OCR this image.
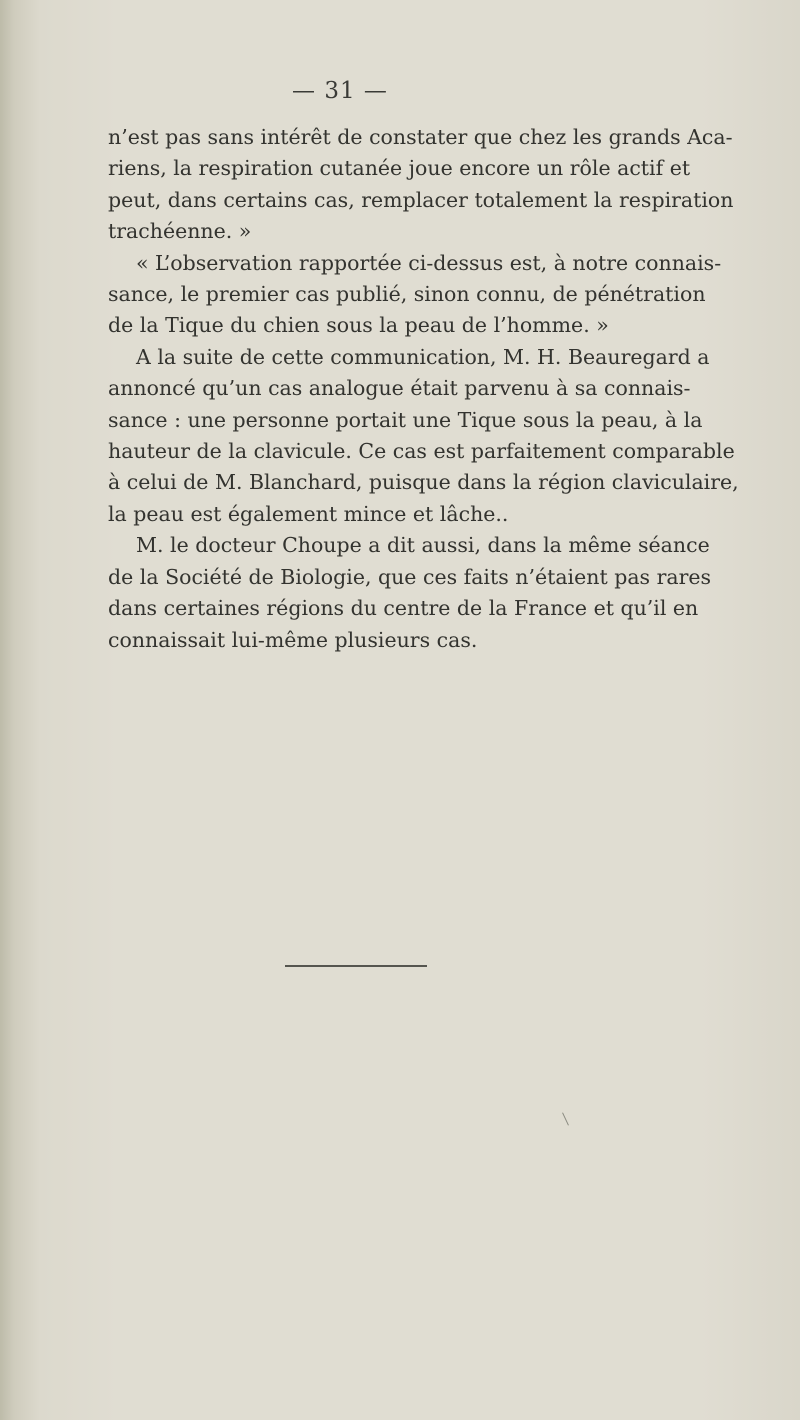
— 31 —
n’est pas sans intérêt de constater que chez les grands Aca-
riens, la respiration cutanée joue encore un rôle actif et
peut, dans certains cas, remplacer totalement la respiration
trachéenne. »
« L’observation rapportée ci-dessus est, à notre connais-
sance, le premier cas publié, sinon connu, de pénétration
de la Tique du chien sous la peau de l’homme. »
A la suite de cette communication, M. H. Beauregard a
annoncé qu’un cas analogue était parvenu à sa connais-
sance : une personne portait une Tique sous la peau, à la
hauteur de la clavicule. Ce cas est parfaitement comparable
à celui de M. Blanchard, puisque dans la région claviculaire,
la peau est également mince et lâche..
M. le docteur Choupe a dit aussi, dans la même séance
de la Société de Biologie, que ces faits n’étaient pas rares
dans certaines régions du centre de la France et qu’il en
connaissait lui-même plusieurs cas.
